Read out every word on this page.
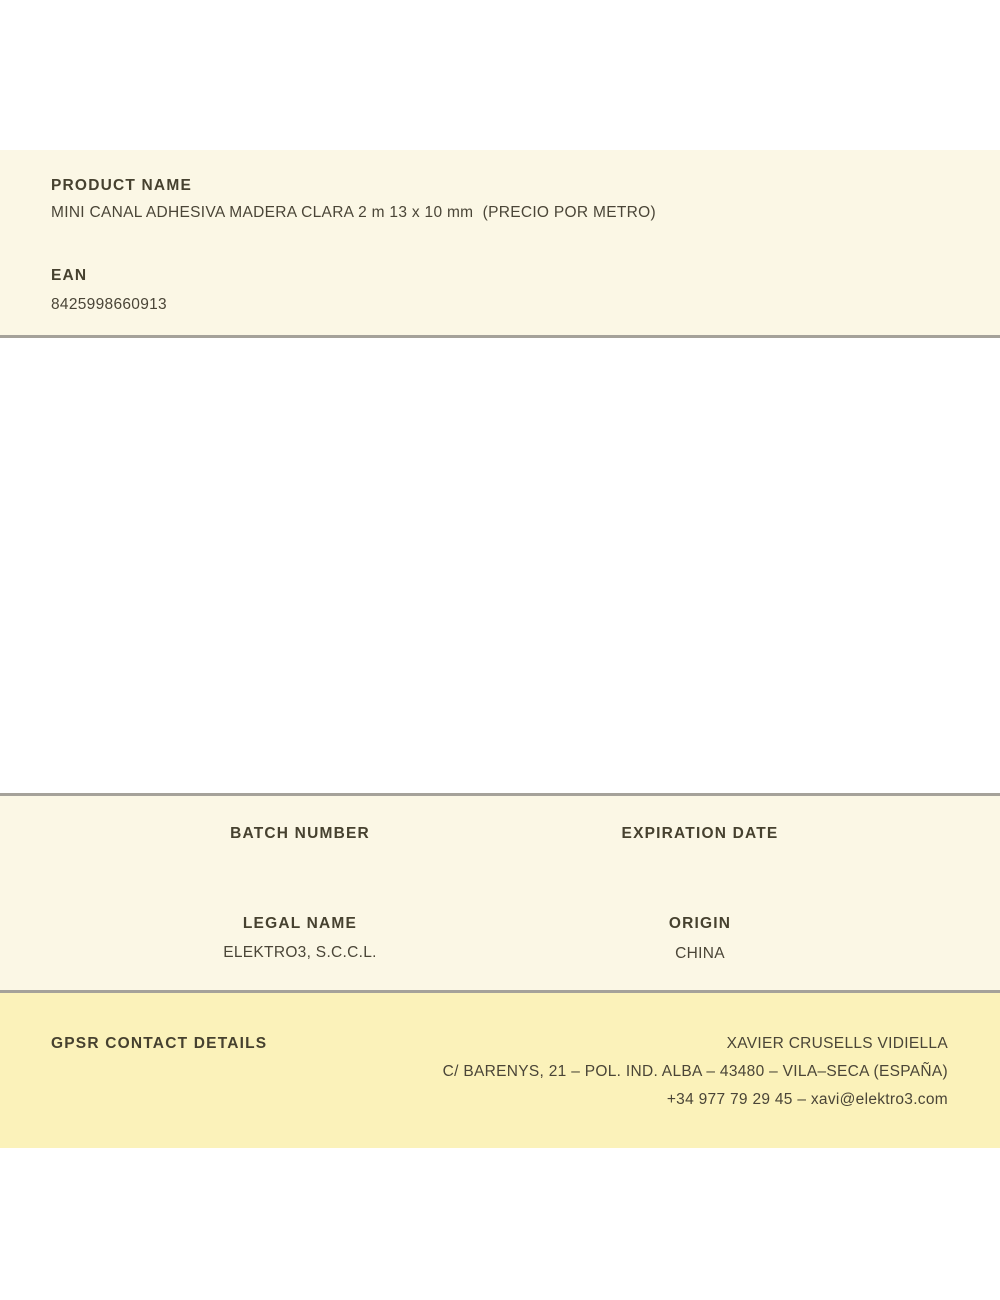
PRODUCT NAME
MINI CANAL ADHESIVA MADERA CLARA 2 m 13 x 10 mm  (PRECIO POR METRO)
EAN
8425998660913
BATCH NUMBER	EXPIRATION DATE
LEGAL NAME
ELEKTRO3, S.C.C.L.
ORIGIN
CHINA
GPSR CONTACT DETAILS	XAVIER CRUSELLS VIDIELLA
C/ BARENYS, 21 – POL. IND. ALBA – 43480 – VILA–SECA (ESPAÑA)
+34 977 79 29 45 – xavi@elektro3.com
